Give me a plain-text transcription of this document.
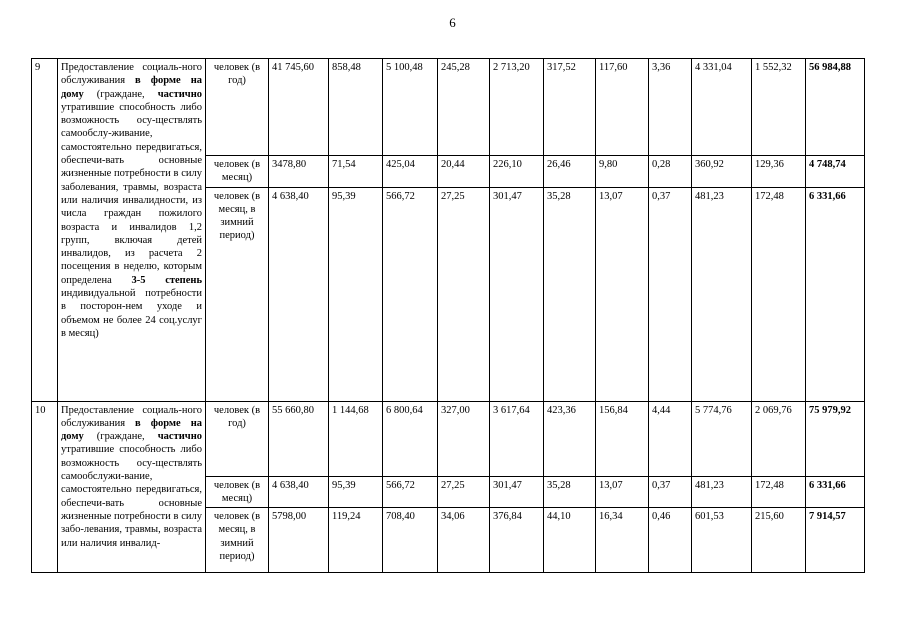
6
9	Предоставление социаль-ного обслуживания в форме на дому (граждане, частично утратившие способность либо возможность осу-ществлять самообслу-живание, самостоятельно передвигаться, обеспечи-вать основные жизненные потребности в силу заболевания, травмы, возраста или наличия инвалидности, из числа граждан пожилого возраста и инвалидов 1,2 групп, включая детей инвалидов, из расчета 2 посещения в неделю, которым определена 3-5 степень индивидуальной потребности в посторон-нем уходе и объемом не более 24 соц.услуг в месяц)	человек (в год)	41 745,60	858,48	5 100,48	245,28	2 713,20	317,52	117,60	3,36	4 331,04	1 552,32	56 984,88
		человек (в месяц)	3478,80	71,54	425,04	20,44	226,10	26,46	9,80	0,28	360,92	129,36	4 748,74
		человек (в месяц, в зимний период)	4 638,40	95,39	566,72	27,25	301,47	35,28	13,07	0,37	481,23	172,48	6 331,66
10	Предоставление социаль-ного обслуживания в форме на дому (граждане, частично утратившие способность либо возможность осу-ществлять самообслужи-вание, самостоятельно передвигаться, обеспечи-вать основные жизненные потребности в силу забо-левания, травмы, возраста или наличия инвалид-	человек (в год)	55 660,80	1 144,68	6 800,64	327,00	3 617,64	423,36	156,84	4,44	5 774,76	2 069,76	75 979,92
		человек (в месяц)	4 638,40	95,39	566,72	27,25	301,47	35,28	13,07	0,37	481,23	172,48	6 331,66
		человек (в месяц, в зимний период)	5798,00	119,24	708,40	34,06	376,84	44,10	16,34	0,46	601,53	215,60	7 914,57
